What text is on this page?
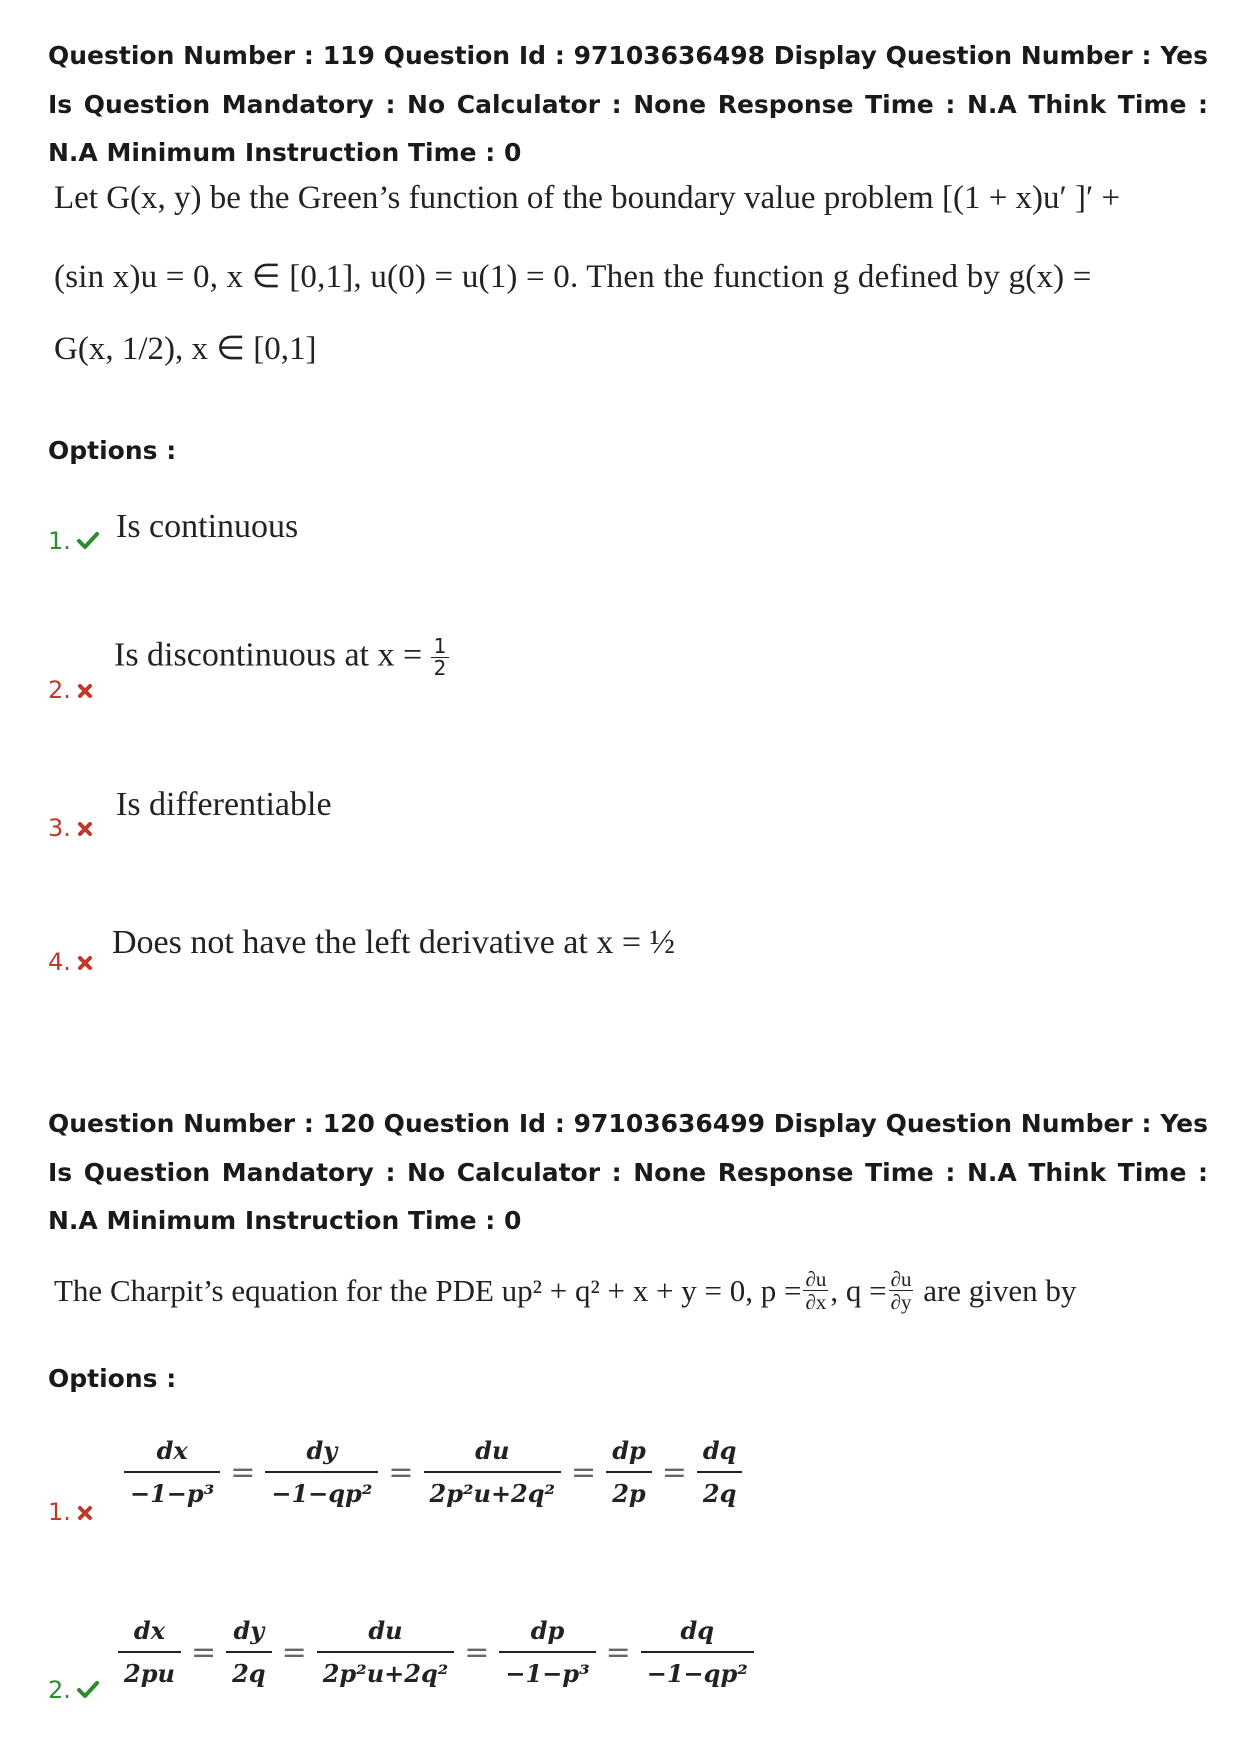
Question Number : 119 Question Id : 97103636498 Display Question Number : Yes Is Question Mandatory : No Calculator : None Response Time : N.A Think Time : N.A Minimum Instruction Time : 0
Let G(x, y) be the Green’s function of the boundary value problem [(1 + x)u′ ]′ +
(sin x)u = 0, x ∈ [0,1], u(0) = u(1) = 0. Then the function g defined by g(x) =
G(x, 1/2), x ∈ [0,1]
Options :
1.	Is continuous
2.
Is discontinuous at $x = \frac{1}{2}$
3.
Is differentiable
4.
Does not have the left derivative at x = ½
Question Number : 120 Question Id : 97103636499 Display Question Number : Yes Is Question Mandatory : No Calculator : None Response Time : N.A Think Time : N.A Minimum Instruction Time : 0
The Charpit’s equation for the PDE up² + q² + x + y = 0, $p = \frac{\partial u}{\partial x}$ , $q = \frac{\partial u}{\partial y}$ are given by
Options :
1.
$\frac{dx}{\text{−1−p³}} = \frac{dy}{\text{−1−qp²}} = \frac{du}{\text{2p²u+2q²}} = \frac{dp}{2p} = \frac{dq}{2q}$
2.
$\frac{dx}{2pu} = \frac{dy}{2q} = \frac{du}{\text{2p²u+2q²}} = \frac{dp}{\text{−1−p³}} = \frac{dq}{\text{−1−qp²}}$
